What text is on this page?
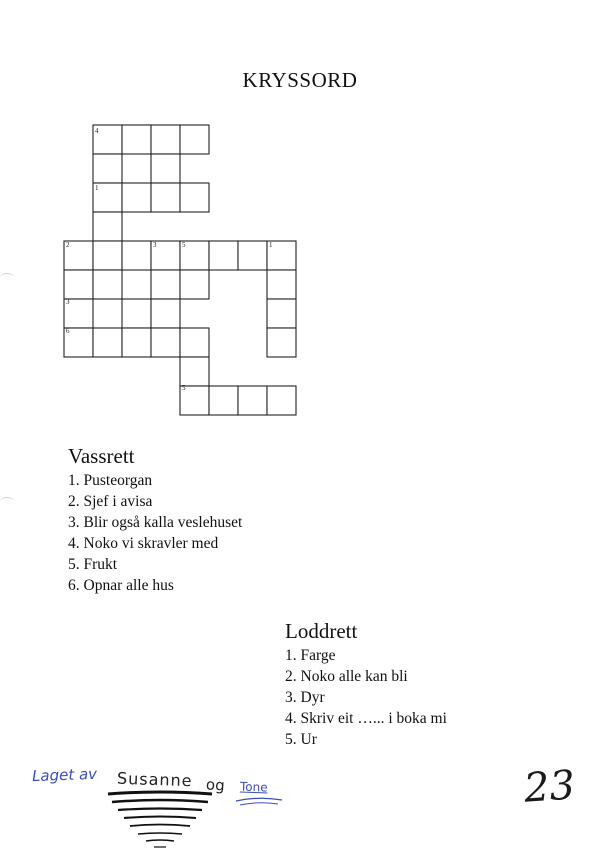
KRYSSORD
4
1
2	3	5	1
3
6
5
Vassrett
1. Pusteorgan
2. Sjef i avisa
3. Blir også kalla veslehuset
4. Noko vi skravler med
5. Frukt
6. Opnar alle hus
Loddrett
1. Farge
2. Noko alle kan bli
3. Dyr
4. Skriv eit …... i boka mi
5. Ur
Laget av Susanne og Tone	23
